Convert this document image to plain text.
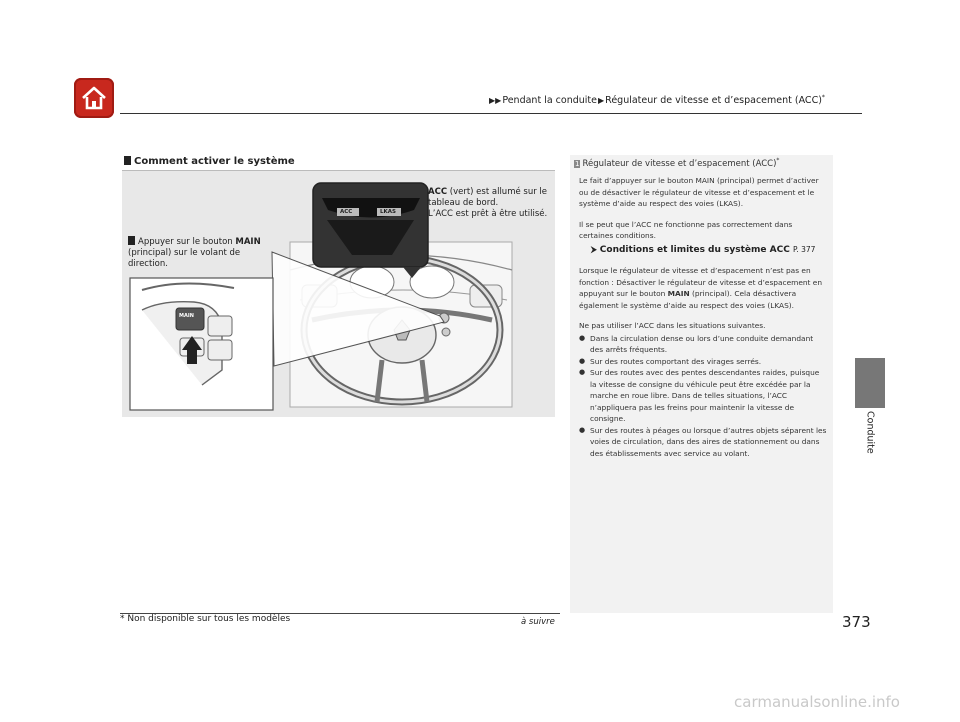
▶▶Pendant la conduite▶Régulateur de vitesse et d’espacement (ACC)*
Conduite
Comment activer le système
MAIN
ACC	LKAS
Appuyer sur le bouton MAIN (principal) sur le volant de direction.
ACC (vert) est allumé sur le tableau de bord.
L’ACC est prêt à être utilisé.
1 Régulateur de vitesse et d’espacement (ACC)*

Le fait d’appuyer sur le bouton MAIN (principal) permet d’activer ou de désactiver le régulateur de vitesse et d’espacement et le système d’aide au respect des voies (LKAS).

Il se peut que l’ACC ne fonctionne pas correctement dans certaines conditions.

⮞ Conditions et limites du système ACC P. 377

Lorsque le régulateur de vitesse et d’espacement n’est pas en fonction : Désactiver le régulateur de vitesse et d’espacement en appuyant sur le bouton MAIN (principal). Cela désactivera également le système d’aide au respect des voies (LKAS).

Ne pas utiliser l’ACC dans les situations suivantes.

● Dans la circulation dense ou lors d’une conduite demandant des arrêts fréquents.
● Sur des routes comportant des virages serrés.
● Sur des routes avec des pentes descendantes raides, puisque la vitesse de consigne du véhicule peut être excédée par la marche en roue libre. Dans de telles situations, l’ACC n’appliquera pas les freins pour maintenir la vitesse de consigne.
● Sur des routes à péages ou lorsque d’autres objets séparent les voies de circulation, dans des aires de stationnement ou dans des établissements avec service au volant.
* Non disponible sur tous les modèles	à suivre	373
carmanualsonline.info
